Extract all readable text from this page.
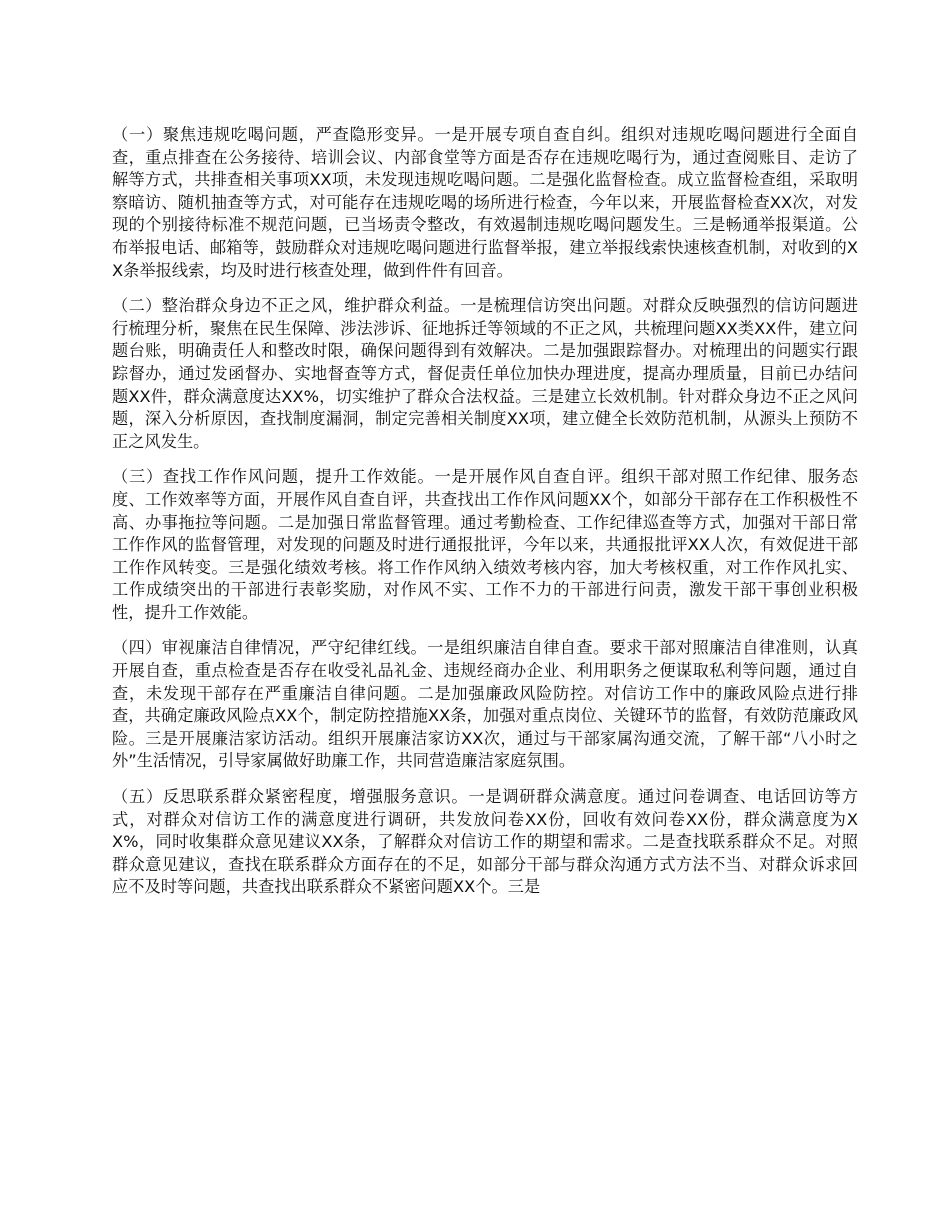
（一）聚焦违规吃喝问题，严查隐形变异。一是开展专项自查自纠。组织对违规吃喝问题进行全面自查，重点排查在公务接待、培训会议、内部食堂等方面是否存在违规吃喝行为，通过查阅账目、走访了解等方式，共排查相关事项XX项，未发现违规吃喝问题。二是强化监督检查。成立监督检查组，采取明察暗访、随机抽查等方式，对可能存在违规吃喝的场所进行检查，今年以来，开展监督检查XX次，对发现的个别接待标准不规范问题，已当场责令整改，有效遏制违规吃喝问题发生。三是畅通举报渠道。公布举报电话、邮箱等，鼓励群众对违规吃喝问题进行监督举报，建立举报线索快速核查机制，对收到的XX条举报线索，均及时进行核查处理，做到件件有回音。

（二）整治群众身边不正之风，维护群众利益。一是梳理信访突出问题。对群众反映强烈的信访问题进行梳理分析，聚焦在民生保障、涉法涉诉、征地拆迁等领域的不正之风，共梳理问题XX类XX件，建立问题台账，明确责任人和整改时限，确保问题得到有效解决。二是加强跟踪督办。对梳理出的问题实行跟踪督办，通过发函督办、实地督查等方式，督促责任单位加快办理进度，提高办理质量，目前已办结问题XX件，群众满意度达XX%，切实维护了群众合法权益。三是建立长效机制。针对群众身边不正之风问题，深入分析原因，查找制度漏洞，制定完善相关制度XX项，建立健全长效防范机制，从源头上预防不正之风发生。

（三）查找工作作风问题，提升工作效能。一是开展作风自查自评。组织干部对照工作纪律、服务态度、工作效率等方面，开展作风自查自评，共查找出工作作风问题XX个，如部分干部存在工作积极性不高、办事拖拉等问题。二是加强日常监督管理。通过考勤检查、工作纪律巡查等方式，加强对干部日常工作作风的监督管理，对发现的问题及时进行通报批评，今年以来，共通报批评XX人次，有效促进干部工作作风转变。三是强化绩效考核。将工作作风纳入绩效考核内容，加大考核权重，对工作作风扎实、工作成绩突出的干部进行表彰奖励，对作风不实、工作不力的干部进行问责，激发干部干事创业积极性，提升工作效能。

（四）审视廉洁自律情况，严守纪律红线。一是组织廉洁自律自查。要求干部对照廉洁自律准则，认真开展自查，重点检查是否存在收受礼品礼金、违规经商办企业、利用职务之便谋取私利等问题，通过自查，未发现干部存在严重廉洁自律问题。二是加强廉政风险防控。对信访工作中的廉政风险点进行排查，共确定廉政风险点XX个，制定防控措施XX条，加强对重点岗位、关键环节的监督，有效防范廉政风险。三是开展廉洁家访活动。组织开展廉洁家访XX次，通过与干部家属沟通交流，了解干部“八小时之外”生活情况，引导家属做好助廉工作，共同营造廉洁家庭氛围。

（五）反思联系群众紧密程度，增强服务意识。一是调研群众满意度。通过问卷调查、电话回访等方式，对群众对信访工作的满意度进行调研，共发放问卷XX份，回收有效问卷XX份，群众满意度为XX%，同时收集群众意见建议XX条，了解群众对信访工作的期望和需求。二是查找联系群众不足。对照群众意见建议，查找在联系群众方面存在的不足，如部分干部与群众沟通方式方法不当、对群众诉求回应不及时等问题，共查找出联系群众不紧密问题XX个。三是
